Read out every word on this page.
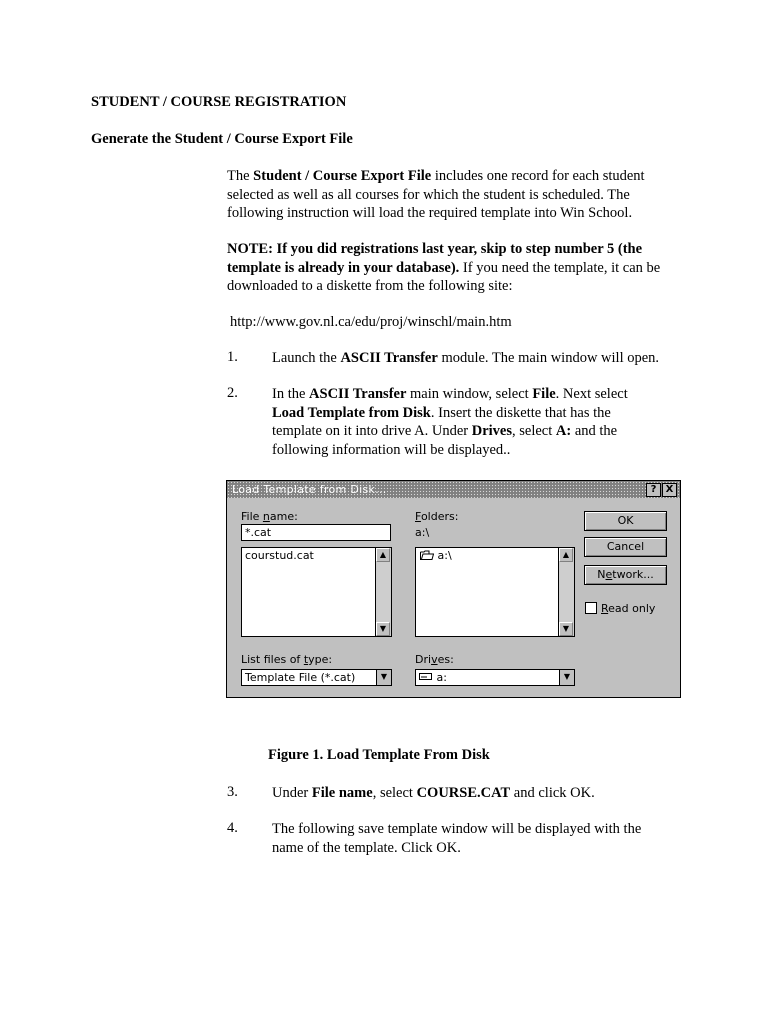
STUDENT / COURSE REGISTRATION
Generate the Student / Course Export File
The Student / Course Export File includes one record for each student
selected as well as all courses for which the student is scheduled. The
following instruction will load the required template into Win School.
NOTE: If you did registrations last year, skip to step number 5 (the
template is already in your database). If you need the template, it can be
downloaded to a diskette from the following site:
http://www.gov.nl.ca/edu/proj/winschl/main.htm
1. Launch the ASCII Transfer module. The main window will open.
2. In the ASCII Transfer main window, select File. Next select
Load Template from Disk. Insert the diskette that has the
template on it into drive A. Under Drives, select A: and the
following information will be displayed..
Load Template from Disk...	? X
File name:
*.cat
courstud.cat	▲
▼
Folders:
a:\
a:\	▲
▼
List files of type:
Template File (*.cat)	▼
Drives:
a:	▼
OK
Cancel
Network...
Read only
Figure 1. Load Template From Disk
3. Under File name, select COURSE.CAT and click OK.
4. The following save template window will be displayed with the
name of the template. Click OK.
